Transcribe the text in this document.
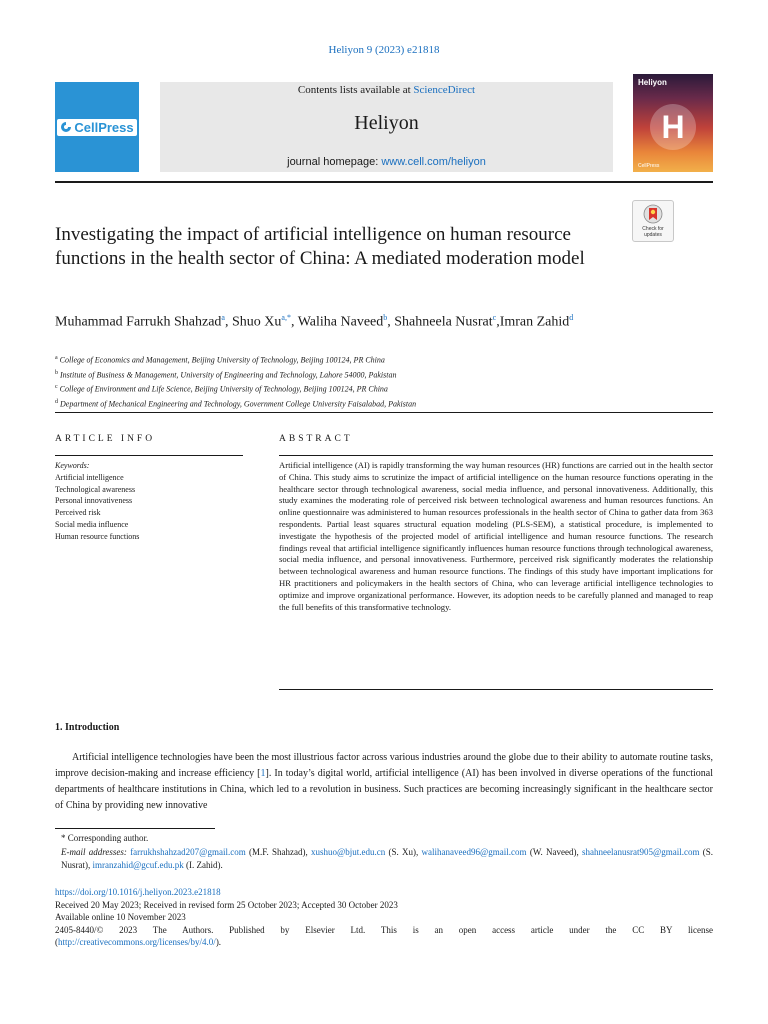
Heliyon 9 (2023) e21818
CellPress
Contents lists available at ScienceDirect
Heliyon
journal homepage: www.cell.com/heliyon
Heliyon
H
CellPress
Check for updates
Investigating the impact of artificial intelligence on human resource functions in the health sector of China: A mediated moderation model
Muhammad Farrukh Shahzad$^a$, Shuo $Xu^{a,*}$, Waliha Naveed$^b$, Shahneela Nusrat$^c$,Imran Zahid$^d$
$^a$ College of Economics and Management, Beijing University of Technology, Beijing 100124, PR China
$^b$ Institute of Business & Management, University of Engineering and Technology, Lahore 54000, Pakistan
$^c$ College of Environment and Life Science, Beijing University of Technology, Beijing 100124, PR China
$^d$ Department of Mechanical Engineering and Technology, Government College University Faisalabad, Pakistan
ARTICLE INFO	ABSTRACT
Keywords:
Artificial intelligence
Technological awareness
Personal innovativeness
Perceived risk
Social media influence
Human resource functions
Artificial intelligence (AI) is rapidly transforming the way human resources (HR) functions are carried out in the health sector of China. This study aims to scrutinize the impact of artificial intelligence on the human resource functions operating in the healthcare sector through technological awareness, social media influence, and personal innovativeness. Additionally, this study examines the moderating role of perceived risk between technological awareness and human resources functions. An online questionnaire was administered to human resources professionals in the health sector of China to gather data from 363 respondents. Partial least squares structural equation modeling (PLS-SEM), a statistical procedure, is implemented to investigate the hypothesis of the projected model of artificial intelligence and human resource functions. The research findings reveal that artificial intelligence significantly influences human resource functions through technological awareness, social media influence, and personal innovativeness. Furthermore, perceived risk significantly moderates the relationship between technological awareness and human resource functions. The findings of this study have important implications for HR practitioners and policymakers in the health sectors of China, who can leverage artificial intelligence technologies to optimize and improve organizational performance. However, its adoption needs to be carefully planned and managed to reap the full benefits of this transformative technology.
1. Introduction
Artificial intelligence technologies have been the most illustrious factor across various industries around the globe due to their ability to automate routine tasks, improve decision-making and increase efficiency [1]. In today’s digital world, artificial intelligence (AI) has been involved in diverse operations of the functional departments of healthcare institutions in China, which led to a revolution in business. Such practices are becoming increasingly significant in the healthcare sector of China by providing new innovative
* Corresponding author.
E-mail addresses: farrukhshahzad207@gmail.com (M.F. Shahzad), xushuo@bjut.edu.cn (S. Xu), walihanaveed96@gmail.com (W. Naveed), shahneelanusrat905@gmail.com (S. Nusrat), imranzahid@gcuf.edu.pk (I. Zahid).
https://doi.org/10.1016/j.heliyon.2023.e21818
Received 20 May 2023; Received in revised form 25 October 2023; Accepted 30 October 2023
Available online 10 November 2023
2405-8440/© 2023 The Authors. Published by Elsevier Ltd. This is an open access article under the CC BY license
(http://creativecommons.org/licenses/by/4.0/).
